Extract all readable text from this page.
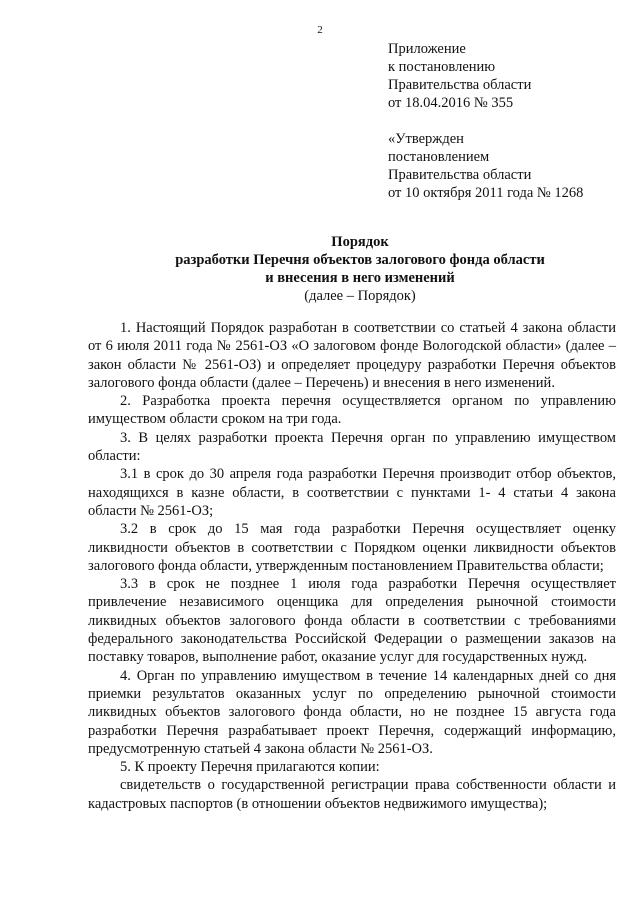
2
Приложение
к постановлению
Правительства области
от 18.04.2016 № 355
«Утвержден
постановлением
Правительства области
от 10 октября 2011 года № 1268
Порядок
разработки Перечня объектов залогового фонда области
и внесения в него изменений
(далее – Порядок)

1. Настоящий Порядок разработан в соответствии со статьей 4 закона области от 6 июля 2011 года № 2561-ОЗ «О залоговом фонде Вологодской области» (далее – закон области № 2561-ОЗ) и определяет процедуру разработки Перечня объектов залогового фонда области (далее – Перечень) и внесения в него изменений.

2. Разработка проекта перечня осуществляется органом по управлению имуществом области сроком на три года.

3. В целях разработки проекта Перечня орган по управлению имуществом области:

3.1 в срок до 30 апреля года разработки Перечня производит отбор объектов, находящихся в казне области, в соответствии с пунктами 1- 4 статьи 4 закона области № 2561-ОЗ;

3.2 в срок до 15 мая года разработки Перечня осуществляет оценку ликвидности объектов в соответствии с Порядком оценки ликвидности объектов залогового фонда области, утвержденным постановлением Правительства области;

3.3 в срок не позднее 1 июля года разработки Перечня осуществляет привлечение независимого оценщика для определения рыночной стоимости ликвидных объектов залогового фонда области в соответствии с требованиями федерального законодательства Российской Федерации о размещении заказов на поставку товаров, выполнение работ, оказание услуг для государственных нужд.

4. Орган по управлению имуществом в течение 14 календарных дней со дня приемки результатов оказанных услуг по определению рыночной стоимости ликвидных объектов залогового фонда области, но не позднее 15 августа года разработки Перечня разрабатывает проект Перечня, содержащий информацию, предусмотренную статьей 4 закона области № 2561-ОЗ.

5. К проекту Перечня прилагаются копии:

свидетельств о государственной регистрации права собственности области и кадастровых паспортов (в отношении объектов недвижимого имущества);
